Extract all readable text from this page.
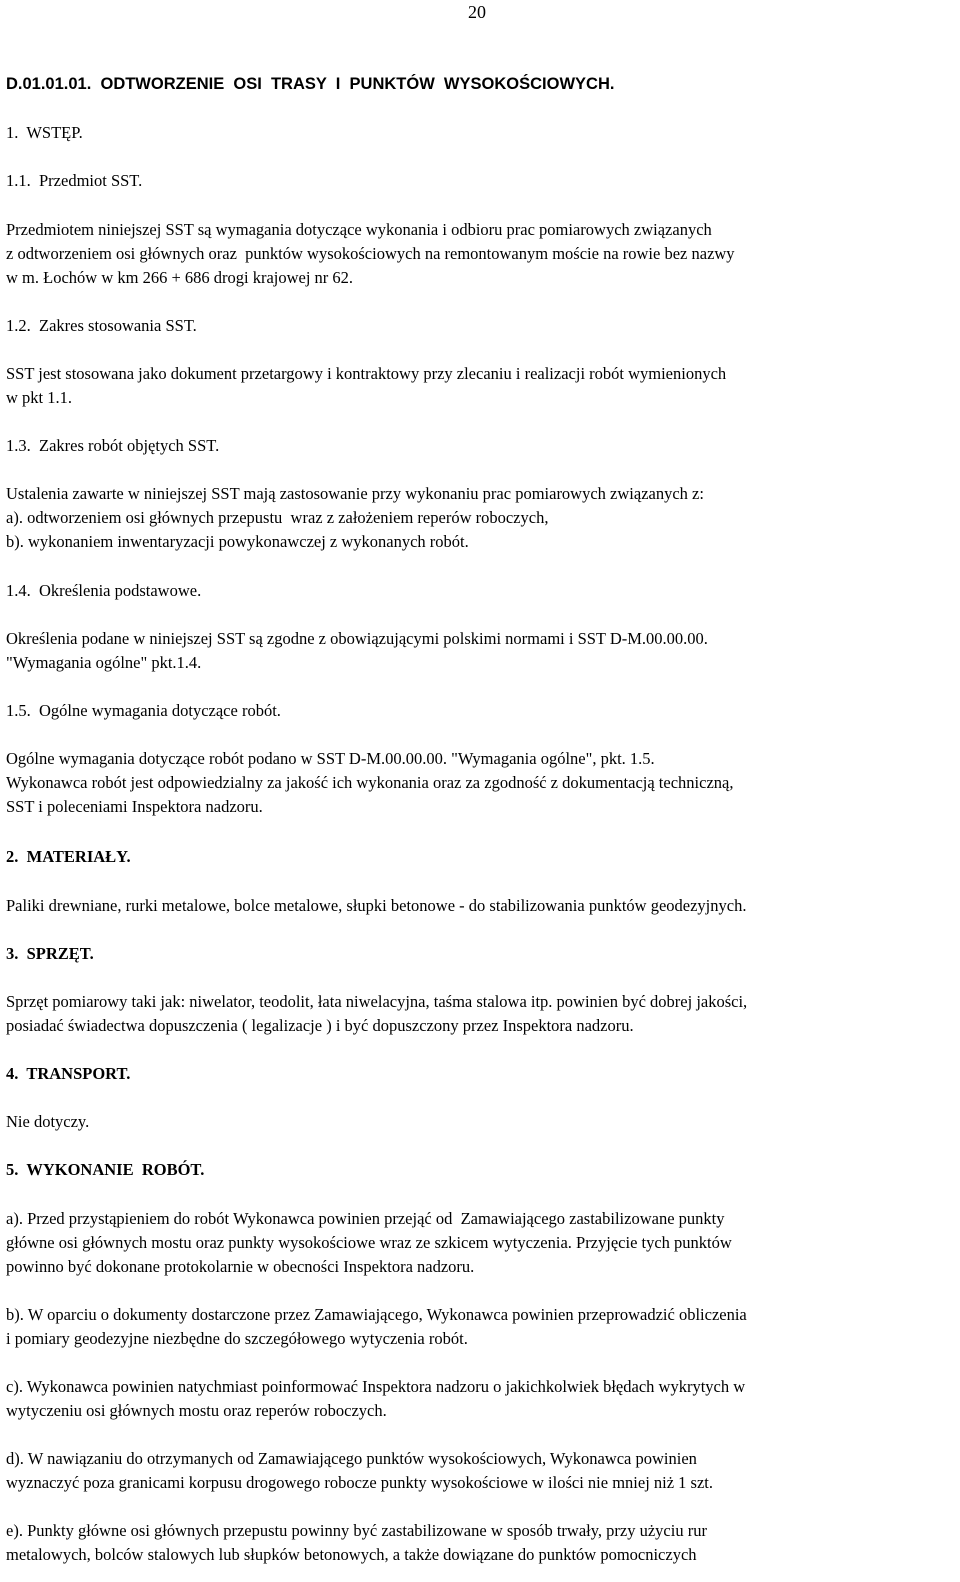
20
D.01.01.01.  ODTWORZENIE  OSI  TRASY  I  PUNKTÓW  WYSOKOŚCIOWYCH.
1.  WSTĘP.
1.1.  Przedmiot SST.
Przedmiotem niniejszej SST są wymagania dotyczące wykonania i odbioru prac pomiarowych związanych
z odtworzeniem osi głównych oraz  punktów wysokościowych na remontowanym moście na rowie bez nazwy
w m. Łochów w km 266 + 686 drogi krajowej nr 62.
1.2.  Zakres stosowania SST.
SST jest stosowana jako dokument przetargowy i kontraktowy przy zlecaniu i realizacji robót wymienionych
w pkt 1.1.
1.3.  Zakres robót objętych SST.
Ustalenia zawarte w niniejszej SST mają zastosowanie przy wykonaniu prac pomiarowych związanych z:
a). odtworzeniem osi głównych przepustu  wraz z założeniem reperów roboczych,
b). wykonaniem inwentaryzacji powykonawczej z wykonanych robót.
1.4.  Określenia podstawowe.
Określenia podane w niniejszej SST są zgodne z obowiązującymi polskimi normami i SST D-M.00.00.00.
"Wymagania ogólne" pkt.1.4.
1.5.  Ogólne wymagania dotyczące robót.
Ogólne wymagania dotyczące robót podano w SST D-M.00.00.00. "Wymagania ogólne", pkt. 1.5.
Wykonawca robót jest odpowiedzialny za jakość ich wykonania oraz za zgodność z dokumentacją techniczną,
SST i poleceniami Inspektora nadzoru.
2.  MATERIAŁY.
Paliki drewniane, rurki metalowe, bolce metalowe, słupki betonowe - do stabilizowania punktów geodezyjnych.
3.  SPRZĘT.
Sprzęt pomiarowy taki jak: niwelator, teodolit, łata niwelacyjna, taśma stalowa itp. powinien być dobrej jakości,
posiadać świadectwa dopuszczenia ( legalizacje ) i być dopuszczony przez Inspektora nadzoru.
4.  TRANSPORT.
Nie dotyczy.
5.  WYKONANIE  ROBÓT.
a). Przed przystąpieniem do robót Wykonawca powinien przejąć od  Zamawiającego zastabilizowane punkty
główne osi głównych mostu oraz punkty wysokościowe wraz ze szkicem wytyczenia. Przyjęcie tych punktów
powinno być dokonane protokolarnie w obecności Inspektora nadzoru.
b). W oparciu o dokumenty dostarczone przez Zamawiającego, Wykonawca powinien przeprowadzić obliczenia
i pomiary geodezyjne niezbędne do szczegółowego wytyczenia robót.
c). Wykonawca powinien natychmiast poinformować Inspektora nadzoru o jakichkolwiek błędach wykrytych w
wytyczeniu osi głównych mostu oraz reperów roboczych.
d). W nawiązaniu do otrzymanych od Zamawiającego punktów wysokościowych, Wykonawca powinien
wyznaczyć poza granicami korpusu drogowego robocze punkty wysokościowe w ilości nie mniej niż 1 szt.
e). Punkty główne osi głównych przepustu powinny być zastabilizowane w sposób trwały, przy użyciu rur
metalowych, bolców stalowych lub słupków betonowych, a także dowiązane do punktów pomocniczych
